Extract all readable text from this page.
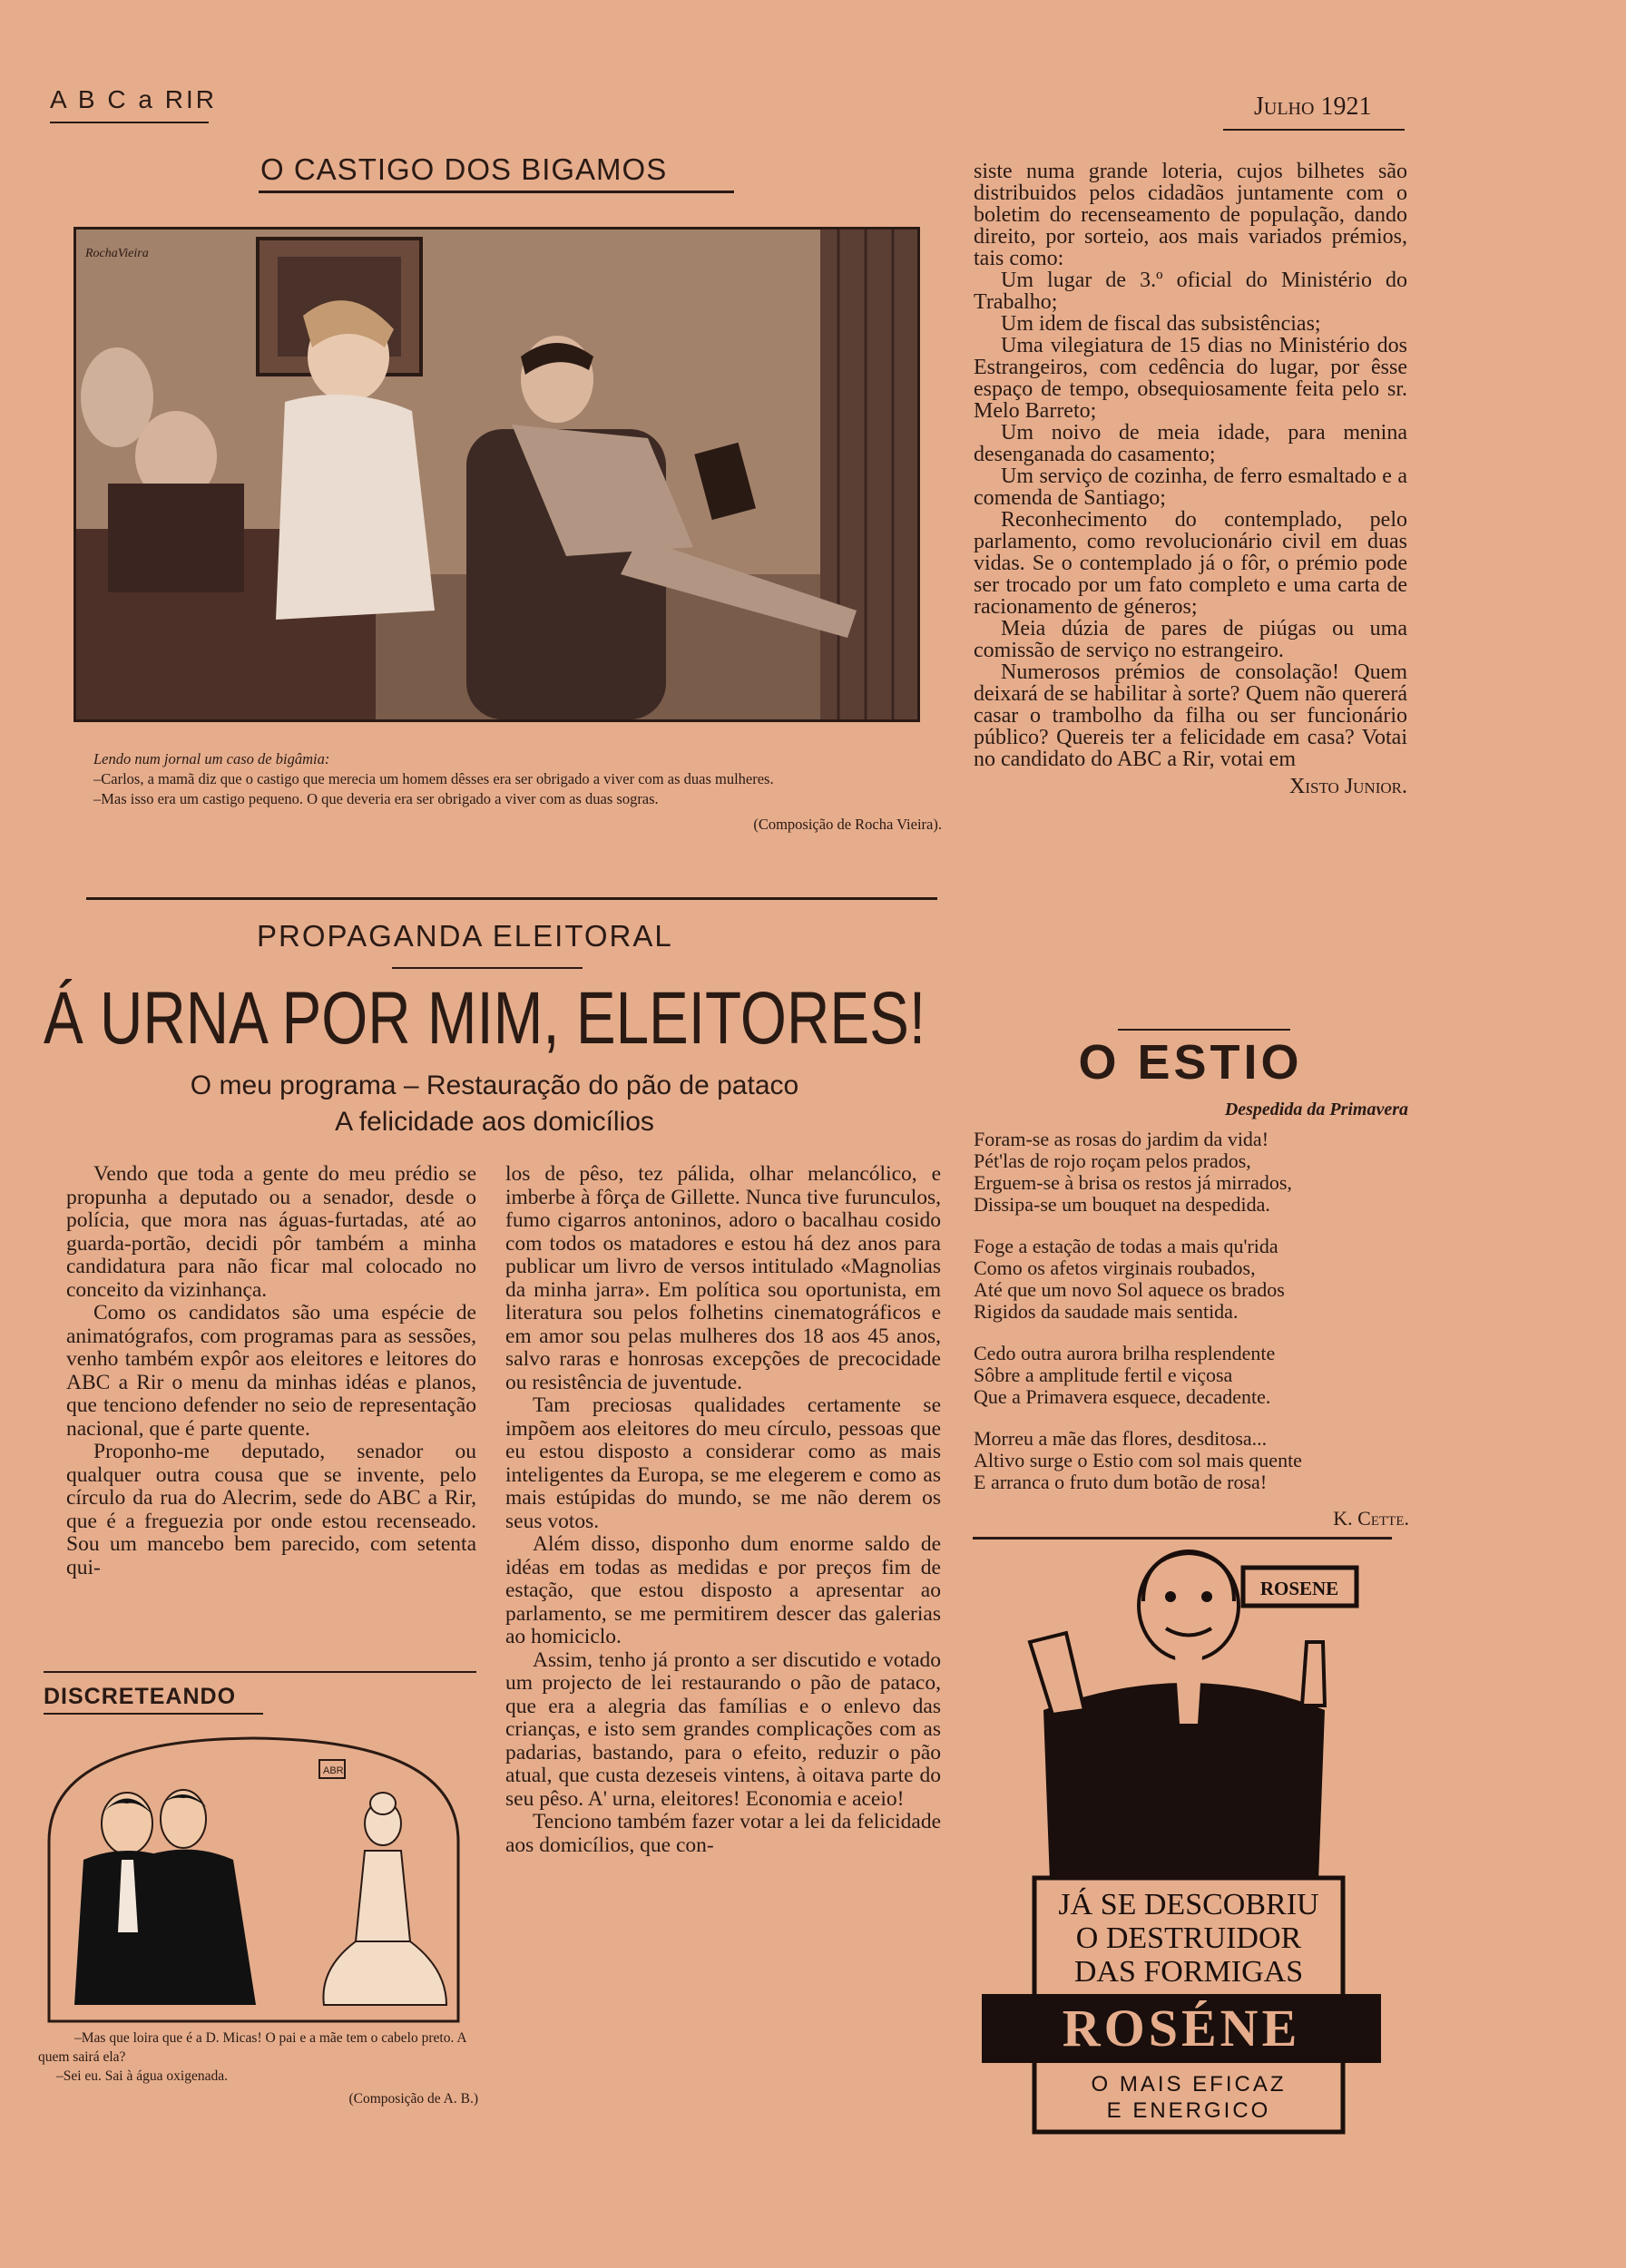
A B C a RIR	Julho 1921
O CASTIGO DOS BIGAMOS
RochaVieira

Lendo num jornal um caso de bigâmia:

–Carlos, a mamã diz que o castigo que merecia um homem dêsses era ser obrigado a viver com as duas mulheres.

–Mas isso era um castigo pequeno. O que deveria era ser obrigado a viver com as duas sogras.

(Composição de Rocha Vieira).

PROPAGANDA ELEITORAL
Á URNA POR MIM, ELEITORES!
O meu programa – Restauração do pão de pataco
A felicidade aos domicílios

Vendo que toda a gente do meu prédio se propunha a deputado ou a senador, desde o polícia, que mora nas águas-furtadas, até ao guarda-portão, decidi pôr também a minha candidatura para não ficar mal colocado no conceito da vizinhança.

Como os candidatos são uma espécie de animatógrafos, com programas para as sessões, venho também expôr aos eleitores e leitores do ABC a Rir o menu da minhas idéas e planos, que tenciono defender no seio de representação nacional, que é parte quente.

Proponho-me deputado, senador ou qualquer outra cousa que se invente, pelo círculo da rua do Alecrim, sede do ABC a Rir, que é a freguezia por onde estou recenseado. Sou um mancebo bem parecido, com setenta qui-

los de pêso, tez pálida, olhar melancólico, e imberbe à fôrça de Gillette. Nunca tive furunculos, fumo cigarros antoninos, adoro o bacalhau cosido com todos os matadores e estou há dez anos para publicar um livro de versos intitulado «Magnolias da minha jarra». Em política sou oportunista, em literatura sou pelos folhetins cinematográficos e em amor sou pelas mulheres dos 18 aos 45 anos, salvo raras e honrosas excepções de precocidade ou resistência de juventude.

Tam preciosas qualidades certamente se impõem aos eleitores do meu círculo, pessoas que eu estou disposto a considerar como as mais inteligentes da Europa, se me elegerem e como as mais estúpidas do mundo, se me não derem os seus votos.

Além disso, disponho dum enorme saldo de idéas em todas as medidas e por preços fim de estação, que estou disposto a apresentar ao parlamento, se me permitirem descer das galerias ao homiciclo.

Assim, tenho já pronto a ser discutido e votado um projecto de lei restaurando o pão de pataco, que era a alegria das famílias e o enlevo das crianças, e isto sem grandes complicações com as padarias, bastando, para o efeito, reduzir o pão atual, que custa dezeseis vintens, à oitava parte do seu pêso. A' urna, eleitores! Economia e aceio!

Tenciono também fazer votar a lei da felicidade aos domicílios, que con-

siste numa grande loteria, cujos bilhetes são distribuidos pelos cidadãos juntamente com o boletim do recenseamento de população, dando direito, por sorteio, aos mais variados prémios, tais como:

Um lugar de 3.º oficial do Ministério do Trabalho;

Um idem de fiscal das subsistências;

Uma vilegiatura de 15 dias no Ministério dos Estrangeiros, com cedência do lugar, por êsse espaço de tempo, obsequiosamente feita pelo sr. Melo Barreto;

Um noivo de meia idade, para menina desenganada do casamento;

Um serviço de cozinha, de ferro esmaltado e a comenda de Santiago;

Reconhecimento do contemplado, pelo parlamento, como revolucionário civil em duas vidas. Se o contemplado já o fôr, o prémio pode ser trocado por um fato completo e uma carta de racionamento de géneros;

Meia dúzia de pares de piúgas ou uma comissão de serviço no estrangeiro.

Numerosos prémios de consolação! Quem deixará de se habilitar à sorte? Quem não quererá casar o trambolho da filha ou ser funcionário público? Quereis ter a felicidade em casa? Votai no candidato do ABC a Rir, votai em

Xisto Junior.

O ESTIO
Despedida da Primavera

Foram-se as rosas do jardim da vida!

Pét'las de rojo roçam pelos prados,

Erguem-se à brisa os restos já mirrados,

Dissipa-se um bouquet na despedida.

Foge a estação de todas a mais qu'rida

Como os afetos virginais roubados,

Até que um novo Sol aquece os brados

Rigidos da saudade mais sentida.

Cedo outra aurora brilha resplendente

Sôbre a amplitude fertil e viçosa

Que a Primavera esquece, decadente.

Morreu a mãe das flores, desditosa...

Altivo surge o Estio com sol mais quente

E arranca o fruto dum botão de rosa!

K. Cette.

DISCRETEANDO
ABR

–Mas que loira que é a D. Micas! O pai e a mãe tem o cabelo preto. A quem sairá ela?

–Sei eu. Sai à água oxigenada.

(Composição de A. B.)

ROSENE
JÁ SE DESCOBRIU
O DESTRUIDOR
DAS FORMIGAS
ROSÉNE
O MAIS EFICAZ
E ENERGICO
